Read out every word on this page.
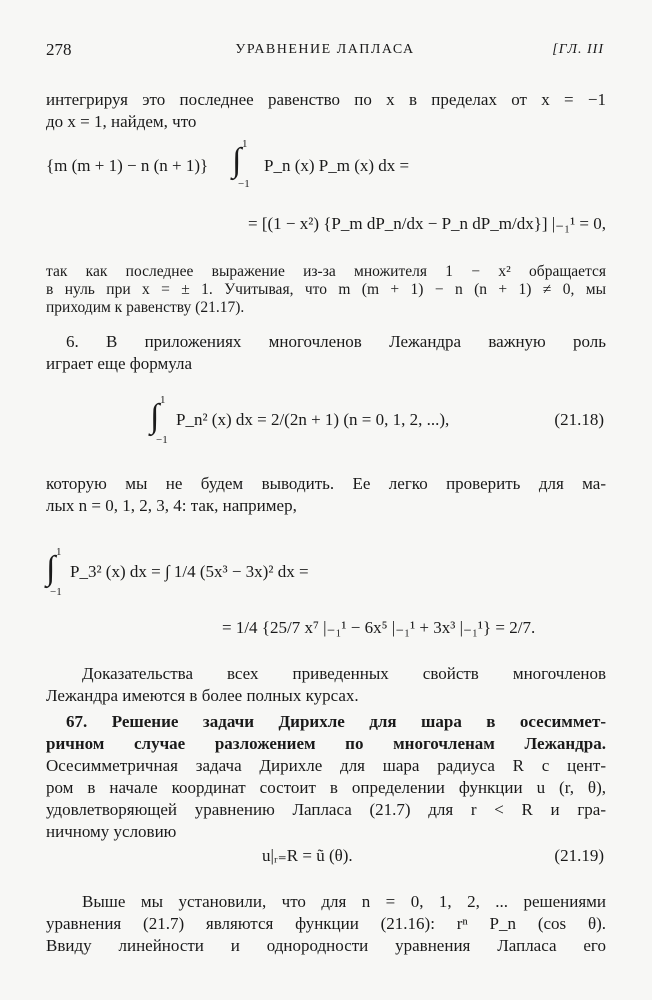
278	УРАВНЕНИЕ ЛАПЛАСА	[ГЛ. III
интегрируя это последнее равенство по x в пределах от x = −1
до x = 1, найдем, что
{m (m + 1) − n (n + 1)} ∫ 1
−1
P_n (x) P_m (x) dx =
= [(1 − x²) {P_m dP_n/dx − P_n dP_m/dx}] |₋₁¹ = 0,
так как последнее выражение из-за множителя 1 − x² обращается
в нуль при x = ± 1. Учитывая, что m (m + 1) − n (n + 1) ≠ 0, мы
приходим к равенству (21.17).
6. В приложениях многочленов Лежандра важную роль
играет еще формула
∫ 1
−1
P_n² (x) dx = 2/(2n + 1) (n = 0, 1, 2, ...),	(21.18)
которую мы не будем выводить. Ее легко проверить для ма-
лых n = 0, 1, 2, 3, 4: так, например,
∫ 1
−1
P_3² (x) dx = ∫ 1/4 (5x³ − 3x)² dx =
= 1/4 {25/7 x⁷ |₋₁¹ − 6x⁵ |₋₁¹ + 3x³ |₋₁¹} = 2/7.
Доказательства всех приведенных свойств многочленов
Лежандра имеются в более полных курсах.
67. Решение задачи Дирихле для шара в осесиммет-
ричном случае разложением по многочленам Лежандра.
Осесимметричная задача Дирихле для шара радиуса R с цент-
ром в начале координат состоит в определении функции u (r, θ),
удовлетворяющей уравнению Лапласа (21.7) для r < R и гра-
ничному условию
u|ᵣ₌R = ũ (θ).	(21.19)
Выше мы установили, что для n = 0, 1, 2, ... решениями
уравнения (21.7) являются функции (21.16): rⁿ P_n (cos θ).
Ввиду линейности и однородности уравнения Лапласа его
